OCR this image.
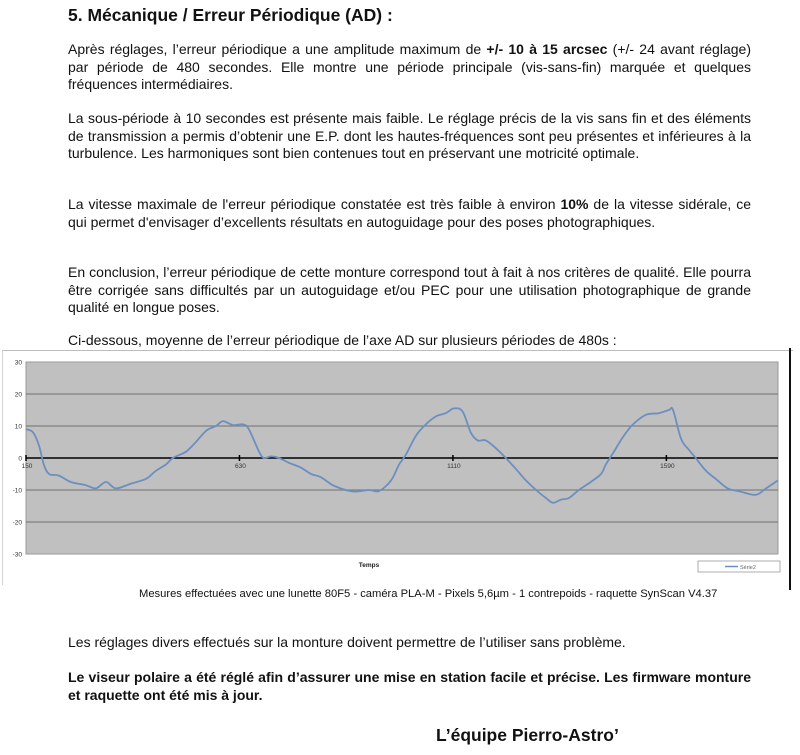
5. Mécanique / Erreur Périodique (AD) :

Après réglages, l’erreur périodique a une amplitude maximum de +/- 10 à 15 arcsec (+/- 24 avant réglage) par période de 480 secondes. Elle montre une période principale (vis-sans-fin) marquée et quelques fréquences intermédiaires.

La sous-période à 10 secondes est présente mais faible. Le réglage précis de la vis sans fin et des éléments de transmission a permis d’obtenir une E.P. dont les hautes-fréquences sont peu présentes et inférieures à la turbulence. Les harmoniques sont bien contenues tout en préservant une motricité optimale.

La vitesse maximale de l'erreur périodique constatée est très faible à environ 10% de la vitesse sidérale, ce qui permet d'envisager d’excellents résultats en autoguidage pour des poses photographiques.

En conclusion, l’erreur périodique de cette monture correspond tout à fait à nos critères de qualité. Elle pourra être corrigée sans difficultés par un autoguidage et/ou PEC pour une utilisation photographique de grande qualité en longue poses.

Ci-dessous, moyenne de l’erreur périodique de l’axe AD sur plusieurs périodes de 480s :

30
20
10
0
-10
-20
-30
150	630	1110	1590
Temps	Série2

Mesures effectuées avec une lunette 80F5 - caméra PLA-M - Pixels 5,6µm - 1 contrepoids - raquette SynScan V4.37

Les réglages divers effectués sur la monture doivent permettre de l’utiliser sans problème.

Le viseur polaire a été réglé afin d’assurer une mise en station facile et précise. Les firmware monture et raquette ont été mis à jour.

L’équipe Pierro-Astro’
